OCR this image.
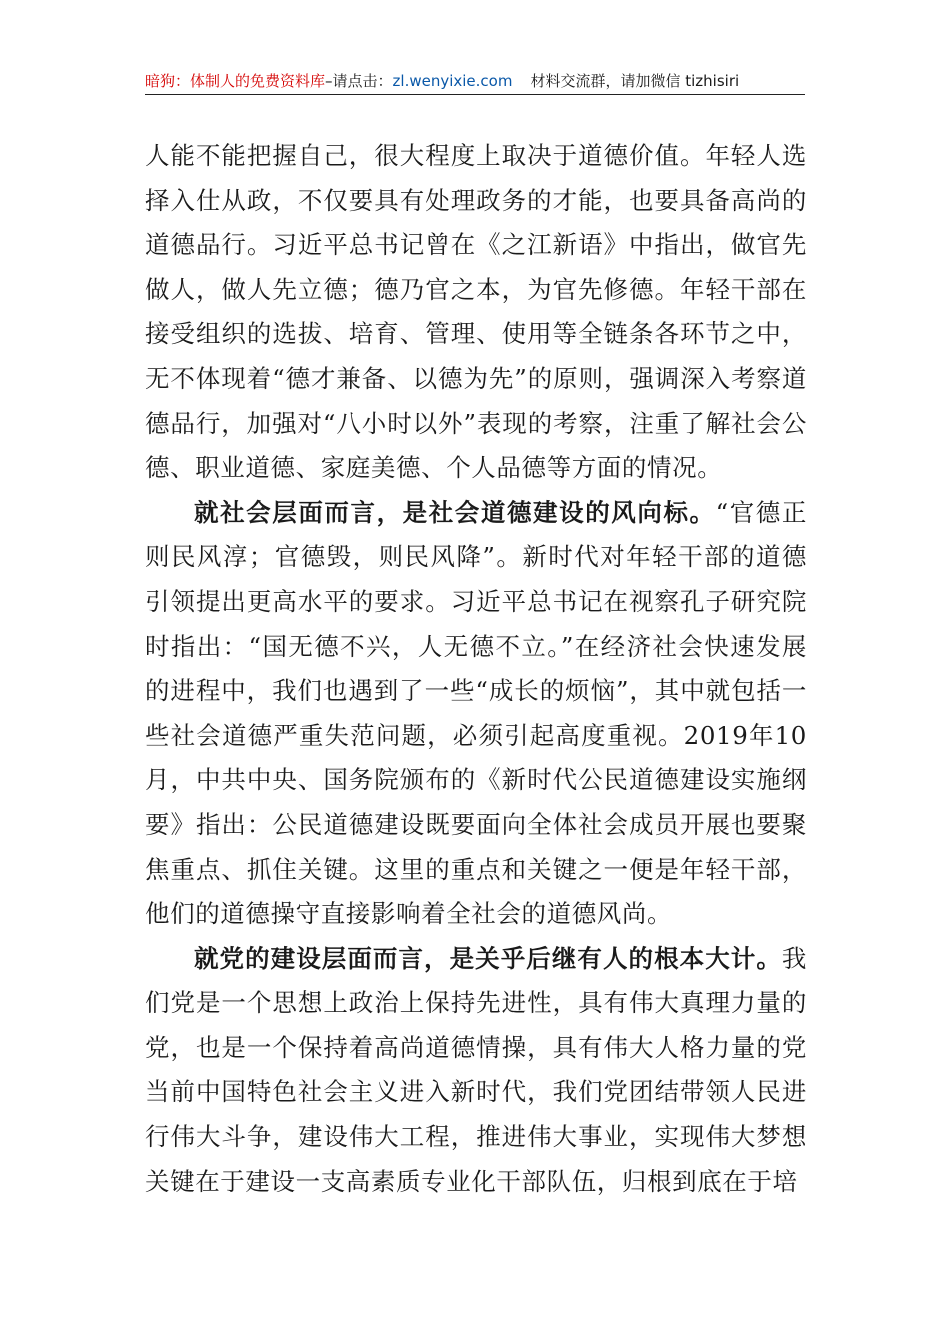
暗狗：体制人的免费资料库–请点击：zl.wenyixie.com 材料交流群，请加微信 tizhisiri

人能不能把握自己，很大程度上取决于道德价值。年轻人选择入仕从政，不仅要具有处理政务的才能，也要具备高尚的道德品行。习近平总书记曾在《之江新语》中指出，做官先做人，做人先立德；德乃官之本，为官先修德。年轻干部在接受组织的选拔、培育、管理、使用等全链条各环节之中，无不体现着“德才兼备、以德为先”的原则，强调深入考察道德品行，加强对“八小时以外”表现的考察，注重了解社会公德、职业道德、家庭美德、个人品德等方面的情况。

就社会层面而言，是社会道德建设的风向标。“官德正则民风淳；官德毁，则民风降”。新时代对年轻干部的道德引领提出更高水平的要求。习近平总书记在视察孔子研究院时指出：“国无德不兴，人无德不立。”在经济社会快速发展的进程中，我们也遇到了一些“成长的烦恼”，其中就包括一些社会道德严重失范问题，必须引起高度重视。2019年10月，中共中央、国务院颁布的《新时代公民道德建设实施纲要》指出：公民道德建设既要面向全体社会成员开展也要聚焦重点、抓住关键。这里的重点和关键之一便是年轻干部，他们的道德操守直接影响着全社会的道德风尚。

就党的建设层面而言，是关乎后继有人的根本大计。我们党是一个思想上政治上保持先进性，具有伟大真理力量的党，也是一个保持着高尚道德情操，具有伟大人格力量的党当前中国特色社会主义进入新时代，我们党团结带领人民进行伟大斗争，建设伟大工程，推进伟大事业，实现伟大梦想关键在于建设一支高素质专业化干部队伍，归根到底在于培
